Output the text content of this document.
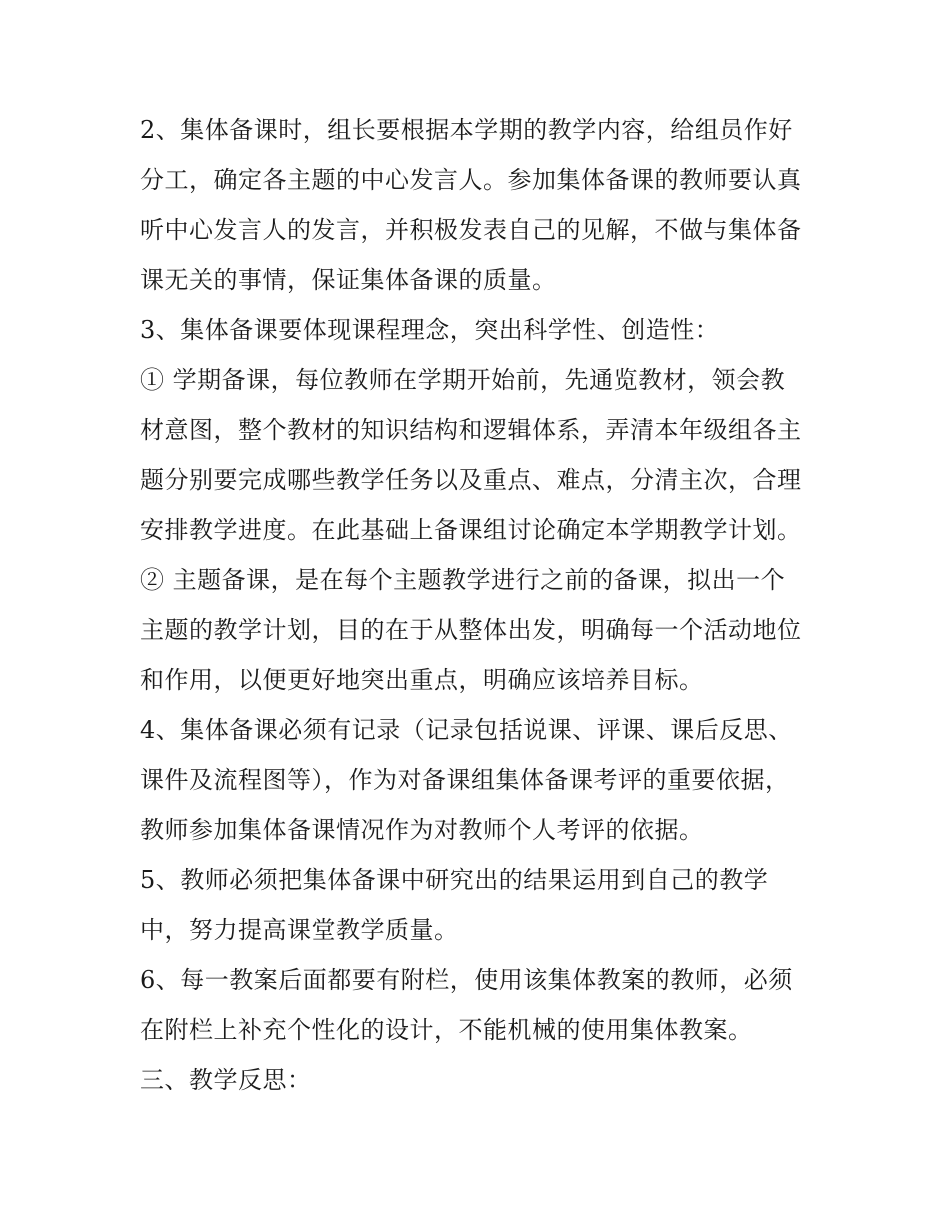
2、集体备课时，组长要根据本学期的教学内容，给组员作好
分工，确定各主题的中心发言人。参加集体备课的教师要认真
听中心发言人的发言，并积极发表自己的见解，不做与集体备
课无关的事情，保证集体备课的质量。
3、集体备课要体现课程理念，突出科学性、创造性：
① 学期备课，每位教师在学期开始前，先通览教材，领会教
材意图，整个教材的知识结构和逻辑体系，弄清本年级组各主
题分别要完成哪些教学任务以及重点、难点，分清主次，合理
安排教学进度。在此基础上备课组讨论确定本学期教学计划。
② 主题备课，是在每个主题教学进行之前的备课，拟出一个
主题的教学计划，目的在于从整体出发，明确每一个活动地位
和作用，以便更好地突出重点，明确应该培养目标。
4、集体备课必须有记录（记录包括说课、评课、课后反思、
课件及流程图等），作为对备课组集体备课考评的重要依据，
教师参加集体备课情况作为对教师个人考评的依据。
5、教师必须把集体备课中研究出的结果运用到自己的教学
中，努力提高课堂教学质量。
6、每一教案后面都要有附栏，使用该集体教案的教师，必须
在附栏上补充个性化的设计，不能机械的使用集体教案。
三、教学反思：
